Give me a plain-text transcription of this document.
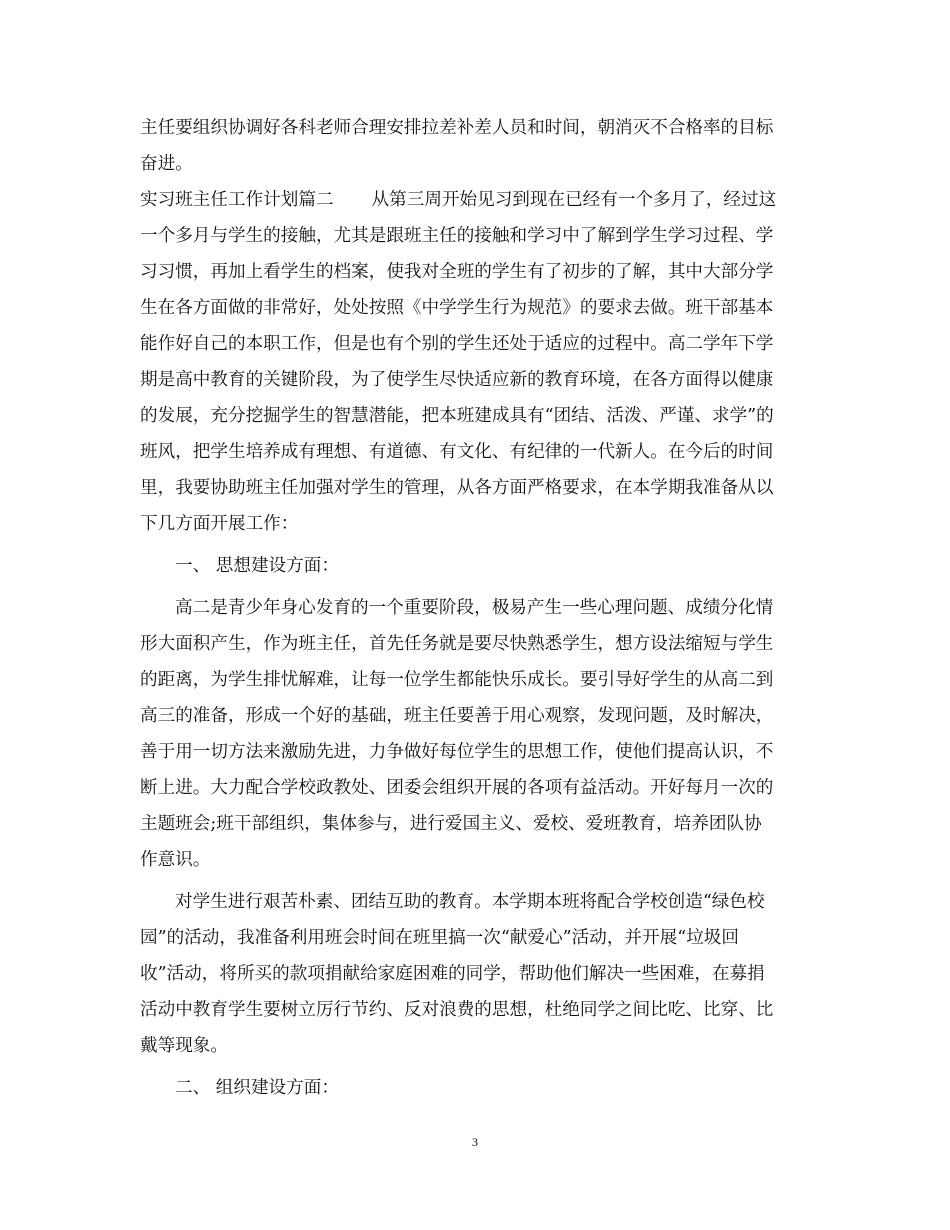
主任要组织协调好各科老师合理安排拉差补差人员和时间，朝消灭不合格率的目标
奋进。
实习班主任工作计划篇二 从第三周开始见习到现在已经有一个多月了，经过这
一个多月与学生的接触，尤其是跟班主任的接触和学习中了解到学生学习过程、学
习习惯，再加上看学生的档案，使我对全班的学生有了初步的了解，其中大部分学
生在各方面做的非常好，处处按照《中学学生行为规范》的要求去做。班干部基本
能作好自己的本职工作，但是也有个别的学生还处于适应的过程中。高二学年下学
期是高中教育的关键阶段，为了使学生尽快适应新的教育环境，在各方面得以健康
的发展，充分挖掘学生的智慧潜能，把本班建成具有“团结、活泼、严谨、求学”的
班风，把学生培养成有理想、有道德、有文化、有纪律的一代新人。在今后的时间
里，我要协助班主任加强对学生的管理，从各方面严格要求，在本学期我准备从以
下几方面开展工作：
一、 思想建设方面：
高二是青少年身心发育的一个重要阶段，极易产生一些心理问题、成绩分化情
形大面积产生，作为班主任，首先任务就是要尽快熟悉学生，想方设法缩短与学生
的距离，为学生排忧解难，让每一位学生都能快乐成长。要引导好学生的从高二到
高三的准备，形成一个好的基础，班主任要善于用心观察，发现问题，及时解决，
善于用一切方法来激励先进，力争做好每位学生的思想工作，使他们提高认识，不
断上进。大力配合学校政教处、团委会组织开展的各项有益活动。开好每月一次的
主题班会;班干部组织，集体参与，进行爱国主义、爱校、爱班教育，培养团队协
作意识。
对学生进行艰苦朴素、团结互助的教育。本学期本班将配合学校创造“绿色校
园”的活动，我准备利用班会时间在班里搞一次“献爱心”活动，并开展“垃圾回
收”活动，将所买的款项捐献给家庭困难的同学，帮助他们解决一些困难，在募捐
活动中教育学生要树立厉行节约、反对浪费的思想，杜绝同学之间比吃、比穿、比
戴等现象。
二、 组织建设方面：
3
